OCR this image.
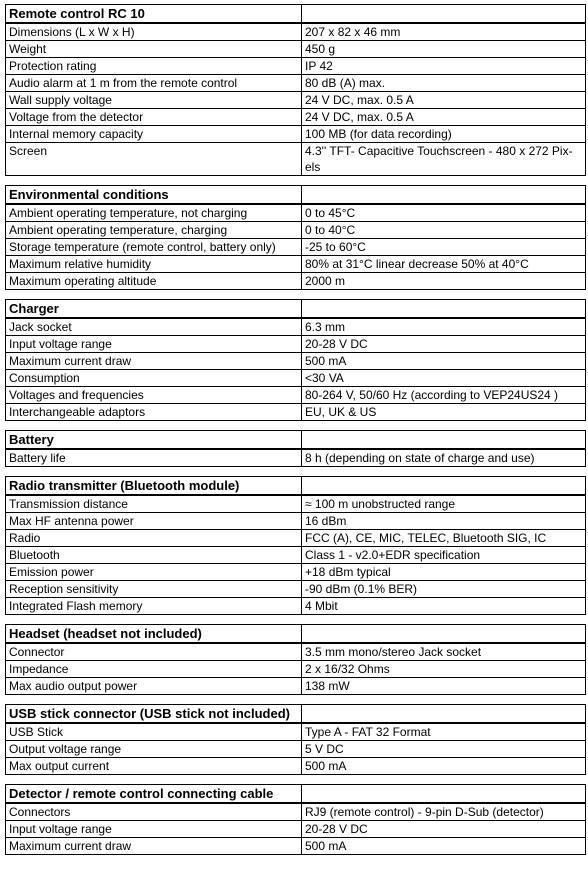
Remote control RC 10	
Dimensions (L x W x H)	207 x 82 x 46 mm
Weight	450 g
Protection rating	IP 42
Audio alarm at 1 m from the remote control	80 dB (A) max.
Wall supply voltage	24 V DC, max. 0.5 A
Voltage from the detector	24 V DC, max. 0.5 A
Internal memory capacity	100 MB (for data recording)
Screen	4.3'' TFT- Capacitive Touchscreen - 480 x 272 Pix-els
Environmental conditions	
Ambient operating temperature, not charging	0 to 45°C
Ambient operating temperature, charging	0 to 40°C
Storage temperature (remote control, battery only)	-25 to 60°C
Maximum relative humidity	80% at 31°C linear decrease 50% at 40°C
Maximum operating altitude	2000 m
Charger	
Jack socket	6.3 mm
Input voltage range	20-28 V DC
Maximum current draw	500 mA
Consumption	<30 VA
Voltages and frequencies	80-264 V, 50/60 Hz (according to VEP24US24 )
Interchangeable adaptors	EU, UK & US
Battery	
Battery life	8 h (depending on state of charge and use)
Radio transmitter (Bluetooth module)	
Transmission distance	≈ 100 m unobstructed range
Max HF antenna power	16 dBm
Radio	FCC (A), CE, MIC, TELEC, Bluetooth SIG, IC
Bluetooth	Class 1 - v2.0+EDR specification
Emission power	+18 dBm typical
Reception sensitivity	-90 dBm (0.1% BER)
Integrated Flash memory	4 Mbit
Headset (headset not included)	
Connector	3.5 mm mono/stereo Jack socket
Impedance	2 x 16/32 Ohms
Max audio output power	138 mW
USB stick connector (USB stick not included)	
USB Stick	Type A - FAT 32 Format
Output voltage range	5 V DC
Max output current	500 mA
Detector / remote control connecting cable	
Connectors	RJ9 (remote control) - 9-pin D-Sub (detector)
Input voltage range	20-28 V DC
Maximum current draw	500 mA
